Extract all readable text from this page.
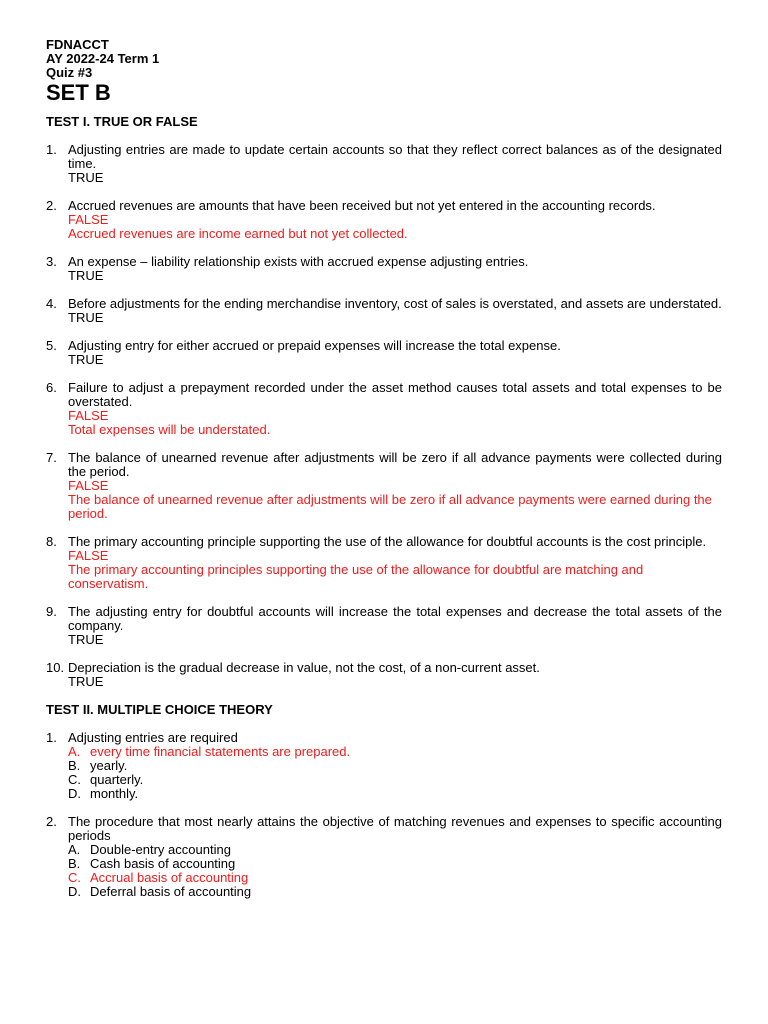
FDNACCT
AY 2022-24 Term 1
Quiz #3
SET B
TEST I. TRUE OR FALSE
1. Adjusting entries are made to update certain accounts so that they reflect correct balances as of the designated time.
TRUE
2. Accrued revenues are amounts that have been received but not yet entered in the accounting records.
FALSE
Accrued revenues are income earned but not yet collected.
3. An expense – liability relationship exists with accrued expense adjusting entries.
TRUE
4. Before adjustments for the ending merchandise inventory, cost of sales is overstated, and assets are understated.
TRUE
5. Adjusting entry for either accrued or prepaid expenses will increase the total expense.
TRUE
6. Failure to adjust a prepayment recorded under the asset method causes total assets and total expenses to be overstated.
FALSE
Total expenses will be understated.
7. The balance of unearned revenue after adjustments will be zero if all advance payments were collected during the period.
FALSE
The balance of unearned revenue after adjustments will be zero if all advance payments were earned during the period.
8. The primary accounting principle supporting the use of the allowance for doubtful accounts is the cost principle.
FALSE
The primary accounting principles supporting the use of the allowance for doubtful are matching and conservatism.
9. The adjusting entry for doubtful accounts will increase the total expenses and decrease the total assets of the company.
TRUE
10. Depreciation is the gradual decrease in value, not the cost, of a non-current asset.
TRUE
TEST II. MULTIPLE CHOICE THEORY
1. Adjusting entries are required
A. every time financial statements are prepared.
B. yearly.
C. quarterly.
D. monthly.
2. The procedure that most nearly attains the objective of matching revenues and expenses to specific accounting periods
A. Double-entry accounting
B. Cash basis of accounting
C. Accrual basis of accounting
D. Deferral basis of accounting
